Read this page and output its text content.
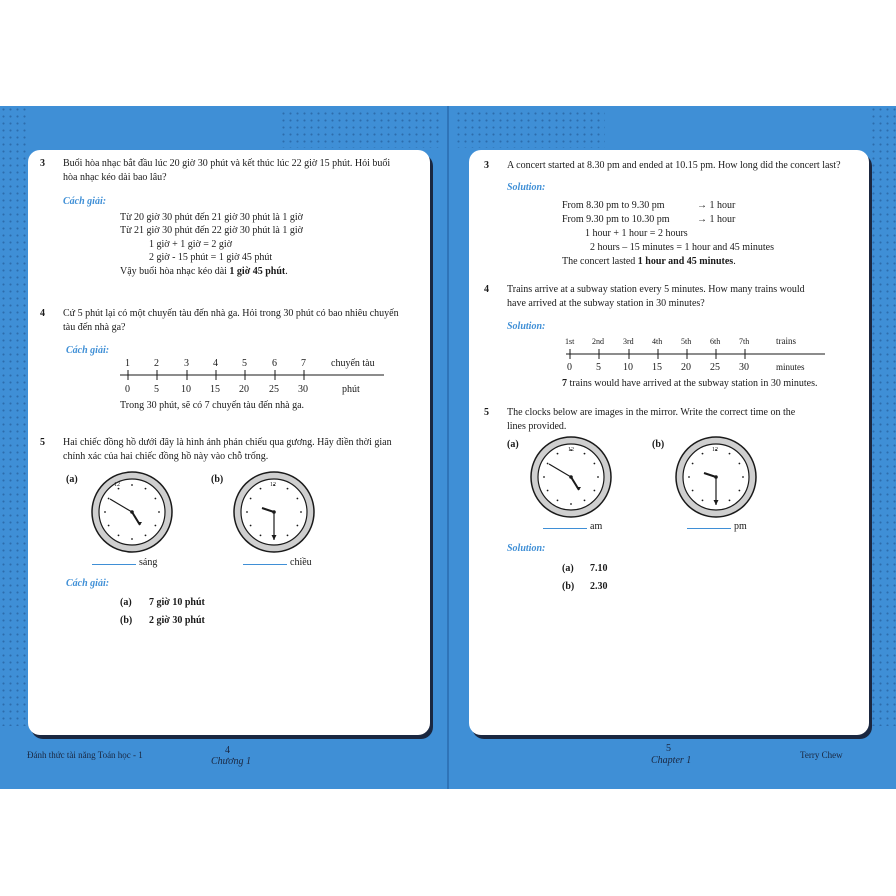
3 Buổi hòa nhạc bắt đầu lúc 20 giờ 30 phút và kết thúc lúc 22 giờ 15 phút. Hỏi buổi
hòa nhạc kéo dài bao lâu?
Cách giải:
Từ 20 giờ 30 phút đến 21 giờ 30 phút là 1 giờ
Từ 21 giờ 30 phút đến 22 giờ 30 phút là 1 giờ
1 giờ + 1 giờ = 2 giờ
2 giờ - 15 phút = 1 giờ 45 phút
Vậy buổi hòa nhạc kéo dài 1 giờ 45 phút.
4 Cứ 5 phút lại có một chuyến tàu đến nhà ga. Hỏi trong 30 phút có bao nhiêu chuyến
tàu đến nhà ga?
Cách giải:
1 2	3 4 5	6 7	chuyến tàu
0 5 10 15 20 25 30	phút
Trong 30 phút, sẽ có 7 chuyến tàu đến nhà ga.
5 Hai chiếc đồng hồ dưới đây là hình ảnh phản chiếu qua gương. Hãy điền thời gian
chính xác của hai chiếc đồng hồ này vào chỗ trống.
(a)	(b)
12	12
sáng	chiều
Cách giải:
(a) 7 giờ 10 phút
(b) 2 giờ 30 phút
Đánh thức tài năng Toán học - 1	4
Chương 1
3 A concert started at 8.30 pm and ended at 10.15 pm. How long did the concert last?
Solution:
From 8.30 pm to 9.30 pm	→ 1 hour
From 9.30 pm to 10.30 pm	→ 1 hour
1 hour + 1 hour = 2 hours
2 hours – 15 minutes = 1 hour and 45 minutes
The concert lasted 1 hour and 45 minutes.
4 Trains arrive at a subway station every 5 minutes. How many trains would
have arrived at the subway station in 30 minutes?
Solution:
1st 2nd 3rd 4th 5th 6th 7th	trains
0 5 10 15 20 25 30	minutes
7 trains would have arrived at the subway station in 30 minutes.
5 The clocks below are images in the mirror. Write the correct time on the
lines provided.
(a)	(b)
12	12
am	pm
Solution:
(a) 7.10
(b) 2.30
5
Chapter 1	Terry Chew
